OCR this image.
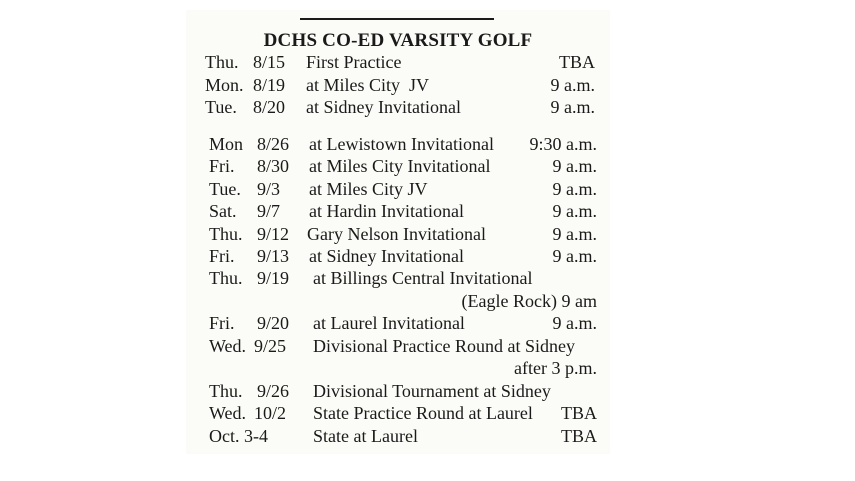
DCHS CO-ED VARSITY GOLF
Thu. 8/15 First Practice	TBA
Mon. 8/19 at Miles City  JV	9 a.m.
Tue. 8/20 at Sidney Invitational	9 a.m.
Mon 8/26 at Lewistown Invitational 9:30 a.m.
Fri. 8/30 at Miles City Invitational	9 a.m.
Tue. 9/3 at Miles City JV	9 a.m.
Sat. 9/7 at Hardin Invitational	9 a.m.
Thu. 9/12 Gary Nelson Invitational	9 a.m.
Fri. 9/13 at Sidney Invitational	9 a.m.
Thu. 9/19 at Billings Central Invitational
(Eagle Rock) 9 am
Fri. 9/20 at Laurel Invitational	9 a.m.
Wed. 9/25 Divisional Practice Round at Sidney
after 3 p.m.
Thu. 9/26 Divisional Tournament at Sidney
Wed. 10/2 State Practice Round at Laurel TBA
Oct. 3-4	State at Laurel	TBA
